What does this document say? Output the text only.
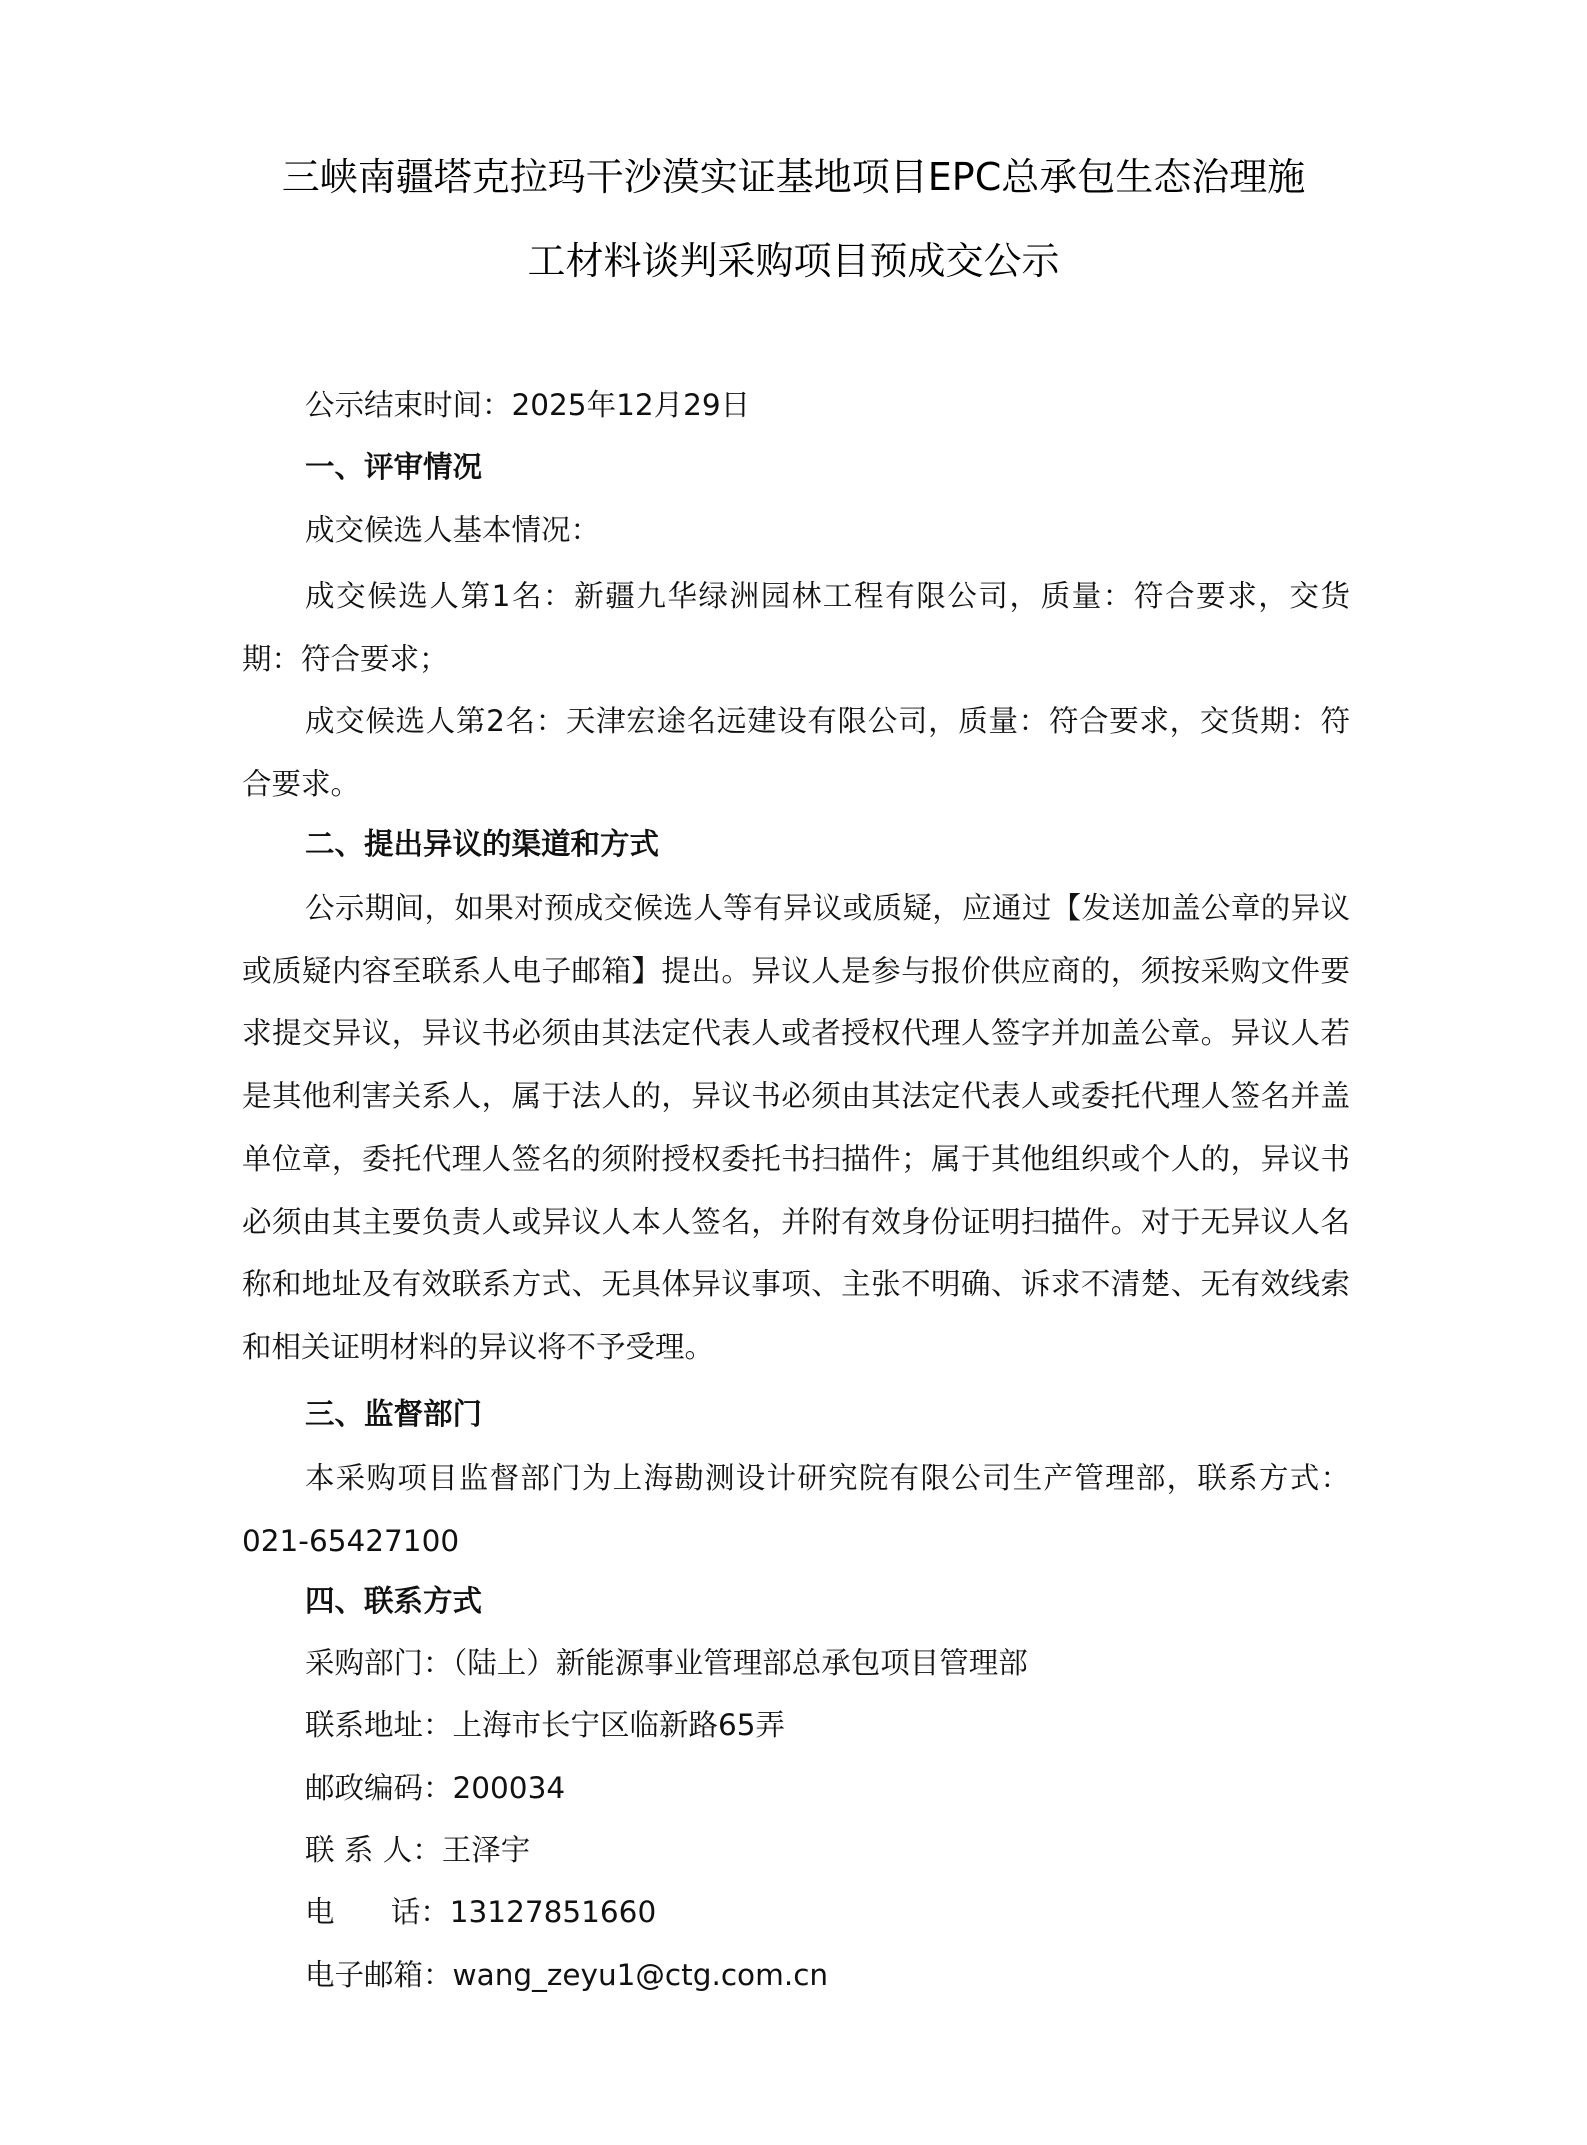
三峡南疆塔克拉玛干沙漠实证基地项目EPC总承包生态治理施
工材料谈判采购项目预成交公示
公示结束时间：2025年12月29日
一、评审情况
成交候选人基本情况：
成交候选人第1名：新疆九华绿洲园林工程有限公司，质量：符合要求，交货期：符合要求；
成交候选人第2名：天津宏途名远建设有限公司，质量：符合要求，交货期：符合要求。
二、提出异议的渠道和方式
公示期间，如果对预成交候选人等有异议或质疑，应通过【发送加盖公章的异议或质疑内容至联系人电子邮箱】提出。异议人是参与报价供应商的，须按采购文件要求提交异议，异议书必须由其法定代表人或者授权代理人签字并加盖公章。异议人若是其他利害关系人，属于法人的，异议书必须由其法定代表人或委托代理人签名并盖单位章，委托代理人签名的须附授权委托书扫描件；属于其他组织或个人的，异议书必须由其主要负责人或异议人本人签名，并附有效身份证明扫描件。对于无异议人名称和地址及有效联系方式、无具体异议事项、主张不明确、诉求不清楚、无有效线索和相关证明材料的异议将不予受理。
三、监督部门
本采购项目监督部门为上海勘测设计研究院有限公司生产管理部，联系方式：021-65427100
四、联系方式
采购部门：（陆上）新能源事业管理部总承包项目管理部
联系地址：上海市长宁区临新路65弄
邮政编码：200034
联 系 人：王泽宇
电      话：13127851660
电子邮箱：wang_zeyu1@ctg.com.cn
